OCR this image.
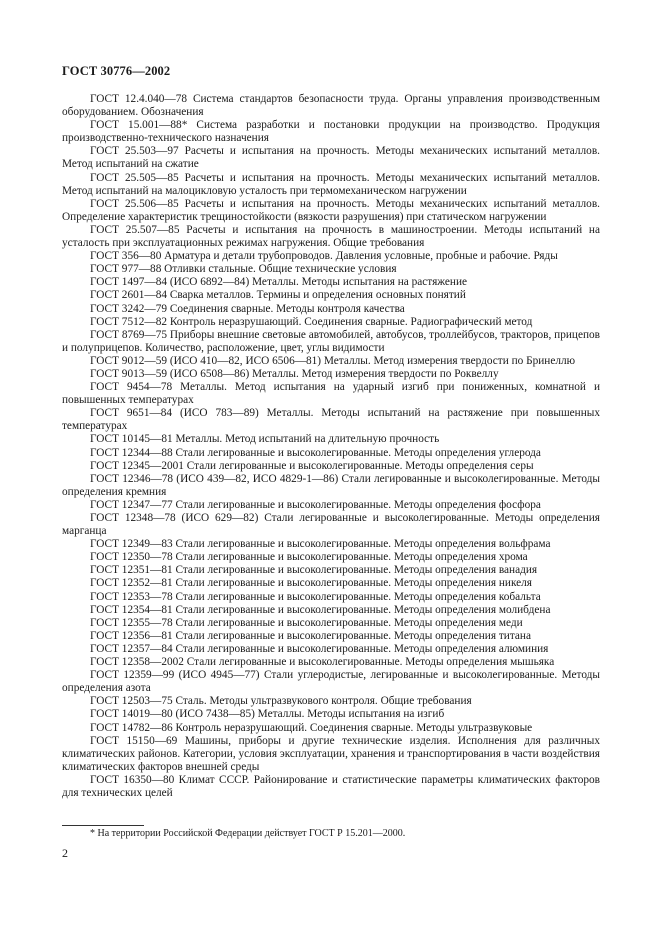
ГОСТ 30776—2002

ГОСТ 12.4.040—78 Система стандартов безопасности труда. Органы управления производственным оборудованием. Обозначения

ГОСТ 15.001—88* Система разработки и постановки продукции на производство. Продукция производственно-технического назначения

ГОСТ 25.503—97 Расчеты и испытания на прочность. Методы механических испытаний металлов. Метод испытаний на сжатие

ГОСТ 25.505—85 Расчеты и испытания на прочность. Методы механических испытаний металлов. Метод испытаний на малоцикловую усталость при термомеханическом нагружении

ГОСТ 25.506—85 Расчеты и испытания на прочность. Методы механических испытаний металлов. Определение характеристик трещиностойкости (вязкости разрушения) при статическом нагружении

ГОСТ 25.507—85 Расчеты и испытания на прочность в машиностроении. Методы испытаний на усталость при эксплуатационных режимах нагружения. Общие требования

ГОСТ 356—80 Арматура и детали трубопроводов. Давления условные, пробные и рабочие. Ряды

ГОСТ 977—88 Отливки стальные. Общие технические условия

ГОСТ 1497—84 (ИСО 6892—84) Металлы. Методы испытания на растяжение

ГОСТ 2601—84 Сварка металлов. Термины и определения основных понятий

ГОСТ 3242—79 Соединения сварные. Методы контроля качества

ГОСТ 7512—82 Контроль неразрушающий. Соединения сварные. Радиографический метод

ГОСТ 8769—75 Приборы внешние световые автомобилей, автобусов, троллейбусов, тракторов, прицепов и полуприцепов. Количество, расположение, цвет, углы видимости

ГОСТ 9012—59 (ИСО 410—82, ИСО 6506—81) Металлы. Метод измерения твердости по Бринеллю

ГОСТ 9013—59 (ИСО 6508—86) Металлы. Метод измерения твердости по Роквеллу

ГОСТ 9454—78 Металлы. Метод испытания на ударный изгиб при пониженных, комнатной и повышенных температурах

ГОСТ 9651—84 (ИСО 783—89) Металлы. Методы испытаний на растяжение при повышенных температурах

ГОСТ 10145—81 Металлы. Метод испытаний на длительную прочность

ГОСТ 12344—88 Стали легированные и высоколегированные. Методы определения углерода

ГОСТ 12345—2001 Стали легированные и высоколегированные. Методы определения серы

ГОСТ 12346—78 (ИСО 439—82, ИСО 4829-1—86) Стали легированные и высоколегированные. Методы определения кремния

ГОСТ 12347—77 Стали легированные и высоколегированные. Методы определения фосфора

ГОСТ 12348—78 (ИСО 629—82) Стали легированные и высоколегированные. Методы определения марганца

ГОСТ 12349—83 Стали легированные и высоколегированные. Методы определения вольфрама

ГОСТ 12350—78 Стали легированные и высоколегированные. Методы определения хрома

ГОСТ 12351—81 Стали легированные и высоколегированные. Методы определения ванадия

ГОСТ 12352—81 Стали легированные и высоколегированные. Методы определения никеля

ГОСТ 12353—78 Стали легированные и высоколегированные. Методы определения кобальта

ГОСТ 12354—81 Стали легированные и высоколегированные. Методы определения молибдена

ГОСТ 12355—78 Стали легированные и высоколегированные. Методы определения меди

ГОСТ 12356—81 Стали легированные и высоколегированные. Методы определения титана

ГОСТ 12357—84 Стали легированные и высоколегированные. Методы определения алюминия

ГОСТ 12358—2002 Стали легированные и высоколегированные. Методы определения мышьяка

ГОСТ 12359—99 (ИСО 4945—77) Стали углеродистые, легированные и высоколегированные. Методы определения азота

ГОСТ 12503—75 Сталь. Методы ультразвукового контроля. Общие требования

ГОСТ 14019—80 (ИСО 7438—85) Металлы. Методы испытания на изгиб

ГОСТ 14782—86 Контроль неразрушающий. Соединения сварные. Методы ультразвуковые

ГОСТ 15150—69 Машины, приборы и другие технические изделия. Исполнения для различных климатических районов. Категории, условия эксплуатации, хранения и транспортирования в части воздействия климатических факторов внешней среды

ГОСТ 16350—80 Климат СССР. Районирование и статистические параметры климатических факторов для технических целей

* На территории Российской Федерации действует ГОСТ Р 15.201—2000.
2
